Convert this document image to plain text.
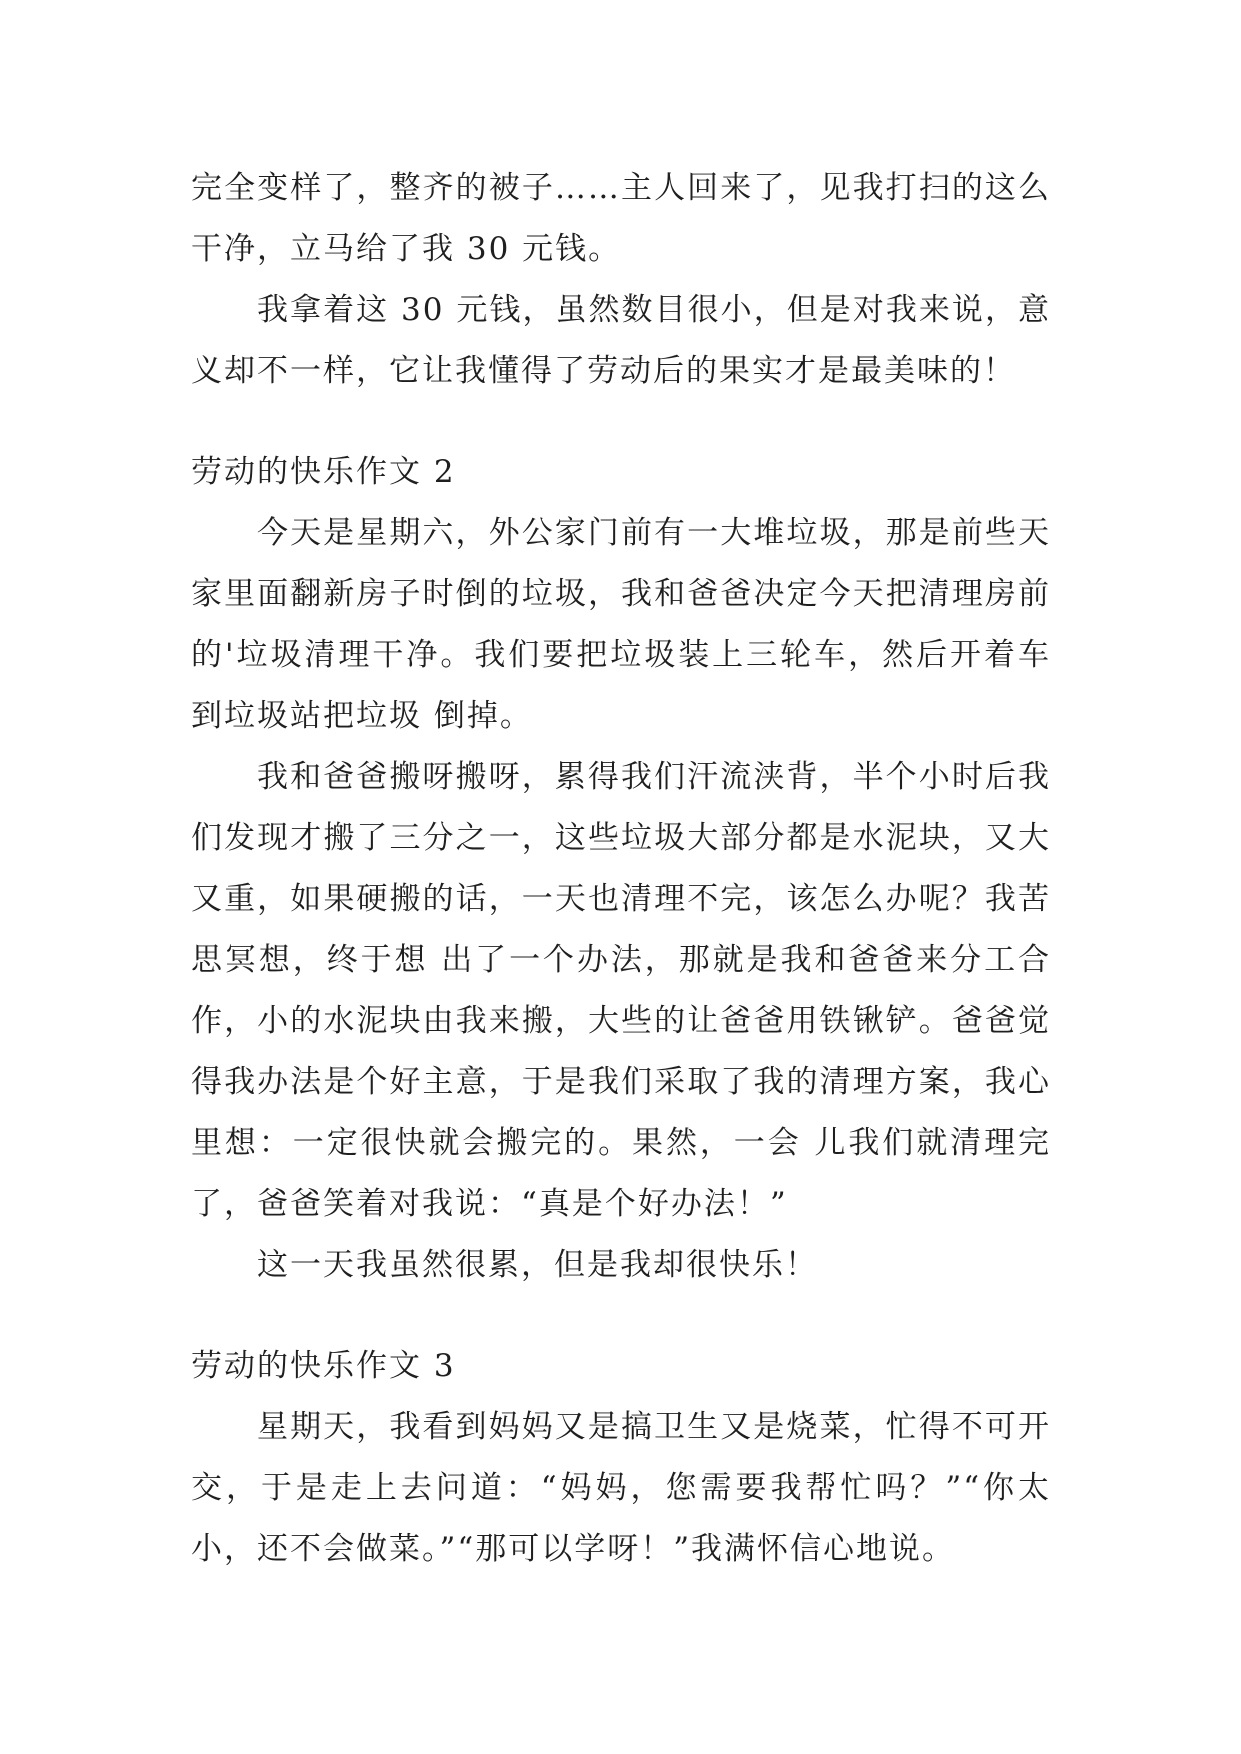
完全变样了，整齐的被子……主人回来了，见我打扫的这么干净，立马给了我 30 元钱。

我拿着这 30 元钱，虽然数目很小，但是对我来说，意义却不一样，它让我懂得了劳动后的果实才是最美味的！

劳动的快乐作文 2

今天是星期六，外公家门前有一大堆垃圾，那是前些天家里面翻新房子时倒的垃圾，我和爸爸决定今天把清理房前的'垃圾清理干净。我们要把垃圾装上三轮车，然后开着车到垃圾站把垃圾 倒掉。

我和爸爸搬呀搬呀，累得我们汗流浃背，半个小时后我们发现才搬了三分之一，这些垃圾大部分都是水泥块，又大又重，如果硬搬的话，一天也清理不完，该怎么办呢？我苦思冥想，终于想 出了一个办法，那就是我和爸爸来分工合作，小的水泥块由我来搬，大些的让爸爸用铁锹铲。爸爸觉得我办法是个好主意，于是我们采取了我的清理方案，我心里想：一定很快就会搬完的。果然，一会 儿我们就清理完了，爸爸笑着对我说：“真是个好办法！”

这一天我虽然很累，但是我却很快乐！

劳动的快乐作文 3

星期天，我看到妈妈又是搞卫生又是烧菜，忙得不可开交，于是走上去问道：“妈妈，您需要我帮忙吗？”“你太小，还不会做菜。”“那可以学呀！”我满怀信心地说。
